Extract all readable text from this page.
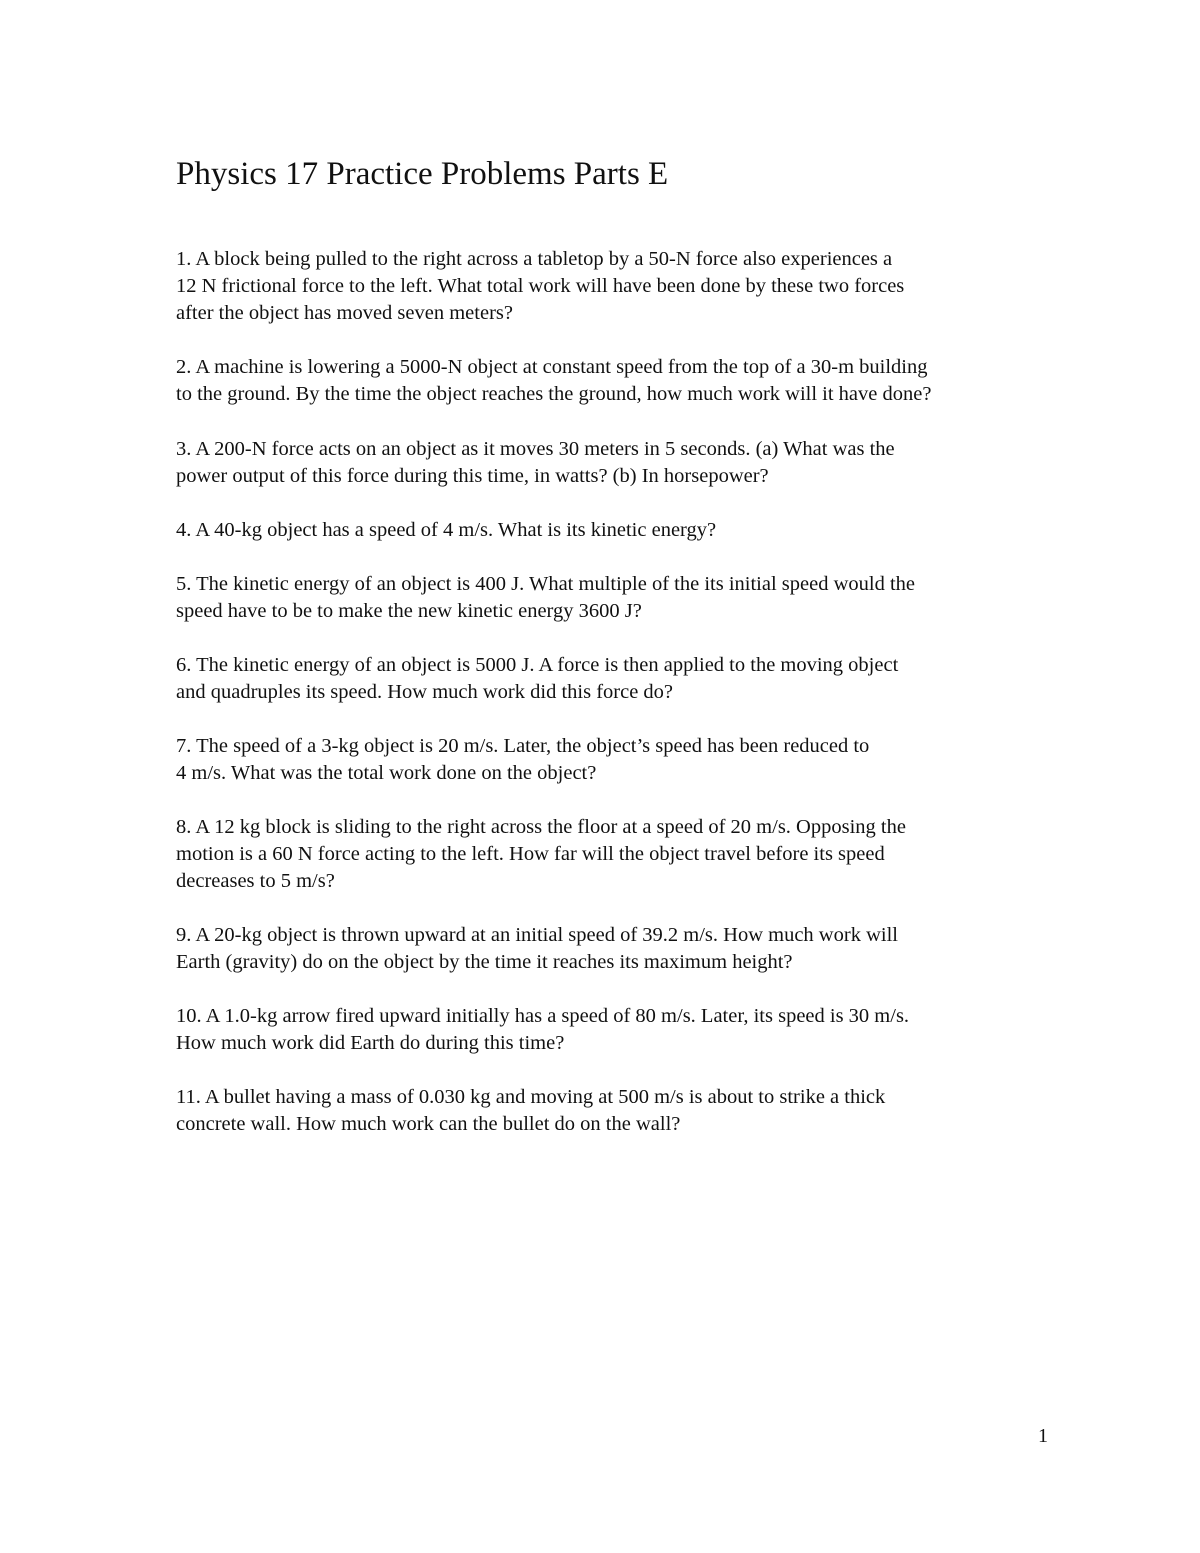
Physics 17 Practice Problems Parts E
1. A block being pulled to the right across a tabletop by a 50-N force also experiences a
12 N frictional force to the left. What total work will have been done by these two forces
after the object has moved seven meters?
2. A machine is lowering a 5000-N object at constant speed from the top of a 30-m building
to the ground. By the time the object reaches the ground, how much work will it have done?
3. A 200-N force acts on an object as it moves 30 meters in 5 seconds. (a) What was the
power output of this force during this time, in watts? (b) In horsepower?
4. A 40-kg object has a speed of 4 m/s. What is its kinetic energy?
5. The kinetic energy of an object is 400 J. What multiple of the its initial speed would the
speed have to be to make the new kinetic energy 3600 J?
6. The kinetic energy of an object is 5000 J. A force is then applied to the moving object
and quadruples its speed. How much work did this force do?
7. The speed of a 3-kg object is 20 m/s. Later, the object’s speed has been reduced to
4 m/s. What was the total work done on the object?
8. A 12 kg block is sliding to the right across the floor at a speed of 20 m/s. Opposing the
motion is a 60 N force acting to the left. How far will the object travel before its speed
decreases to 5 m/s?
9. A 20-kg object is thrown upward at an initial speed of 39.2 m/s. How much work will
Earth (gravity) do on the object by the time it reaches its maximum height?
10. A 1.0-kg arrow fired upward initially has a speed of 80 m/s. Later, its speed is 30 m/s.
How much work did Earth do during this time?
11. A bullet having a mass of 0.030 kg and moving at 500 m/s is about to strike a thick
concrete wall. How much work can the bullet do on the wall?
1
